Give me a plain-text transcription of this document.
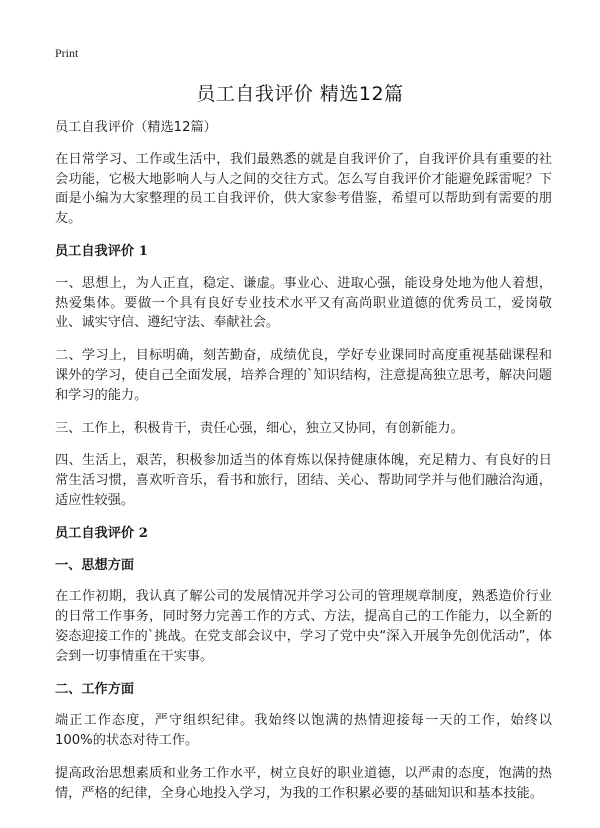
Print
员工自我评价 精选12篇

员工自我评价（精选12篇）

在日常学习、工作或生活中，我们最熟悉的就是自我评价了，自我评价具有重要的社会功能，它极大地影响人与人之间的交往方式。怎么写自我评价才能避免踩雷呢？下面是小编为大家整理的员工自我评价，供大家参考借鉴，希望可以帮助到有需要的朋友。

员工自我评价 1

一、思想上，为人正直，稳定、谦虚。事业心、进取心强，能设身处地为他人着想，热爱集体。要做一个具有良好专业技术水平又有高尚职业道德的优秀员工，爱岗敬业、诚实守信、遵纪守法、奉献社会。

二、学习上，目标明确，刻苦勤奋，成绩优良，学好专业课同时高度重视基础课程和课外的学习，使自己全面发展，培养合理的`知识结构，注意提高独立思考，解决问题和学习的能力。

三、工作上，积极肯干，责任心强，细心，独立又协同，有创新能力。

四、生活上，艰苦，积极参加适当的体育炼以保持健康体魄，充足精力、有良好的日常生活习惯，喜欢听音乐，看书和旅行，团结、关心、帮助同学并与他们融洽沟通，适应性较强。

员工自我评价 2

一、思想方面

在工作初期，我认真了解公司的发展情况并学习公司的管理规章制度，熟悉造价行业的日常工作事务，同时努力完善工作的方式、方法，提高自己的工作能力，以全新的姿态迎接工作的`挑战。在党支部会议中，学习了党中央“深入开展争先创优活动”，体会到一切事情重在干实事。

二、工作方面

端正工作态度，严守组织纪律。我始终以饱满的热情迎接每一天的工作，始终以100%的状态对待工作。

提高政治思想素质和业务工作水平，树立良好的职业道德，以严肃的态度，饱满的热情，严格的纪律，全身心地投入学习，为我的工作积累必要的基础知识和基本技能。
